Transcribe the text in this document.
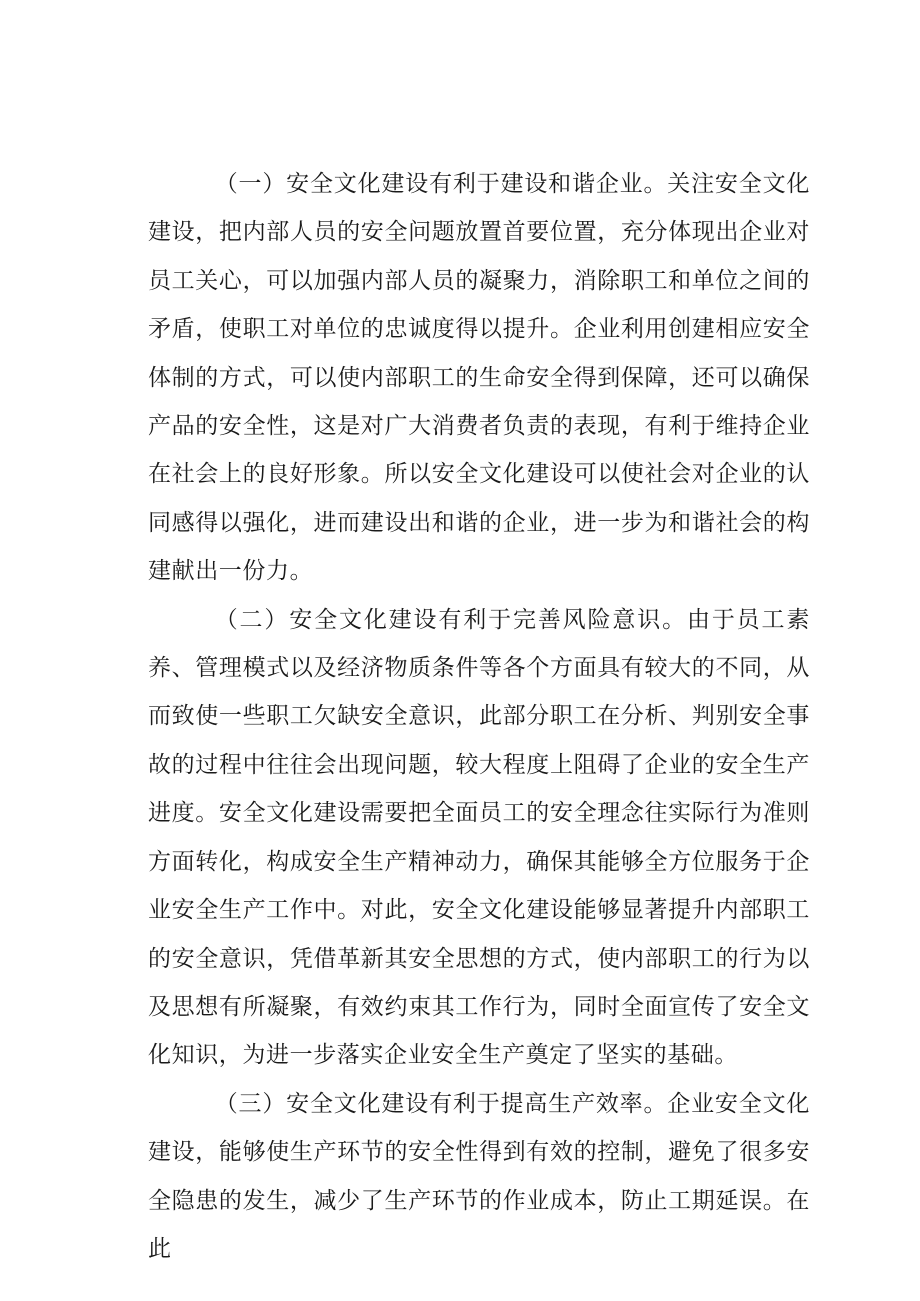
（一）安全文化建设有利于建设和谐企业。关注安全文化建设，把内部人员的安全问题放置首要位置，充分体现出企业对员工关心，可以加强内部人员的凝聚力，消除职工和单位之间的矛盾，使职工对单位的忠诚度得以提升。企业利用创建相应安全体制的方式，可以使内部职工的生命安全得到保障，还可以确保产品的安全性，这是对广大消费者负责的表现，有利于维持企业在社会上的良好形象。所以安全文化建设可以使社会对企业的认同感得以强化，进而建设出和谐的企业，进一步为和谐社会的构建献出一份力。

（二）安全文化建设有利于完善风险意识。由于员工素养、管理模式以及经济物质条件等各个方面具有较大的不同，从而致使一些职工欠缺安全意识，此部分职工在分析、判别安全事故的过程中往往会出现问题，较大程度上阻碍了企业的安全生产进度。安全文化建设需要把全面员工的安全理念往实际行为准则方面转化，构成安全生产精神动力，确保其能够全方位服务于企业安全生产工作中。对此，安全文化建设能够显著提升内部职工的安全意识，凭借革新其安全思想的方式，使内部职工的行为以及思想有所凝聚，有效约束其工作行为，同时全面宣传了安全文化知识，为进一步落实企业安全生产奠定了坚实的基础。

（三）安全文化建设有利于提高生产效率。企业安全文化建设，能够使生产环节的安全性得到有效的控制，避免了很多安全隐患的发生，减少了生产环节的作业成本，防止工期延误。在此
